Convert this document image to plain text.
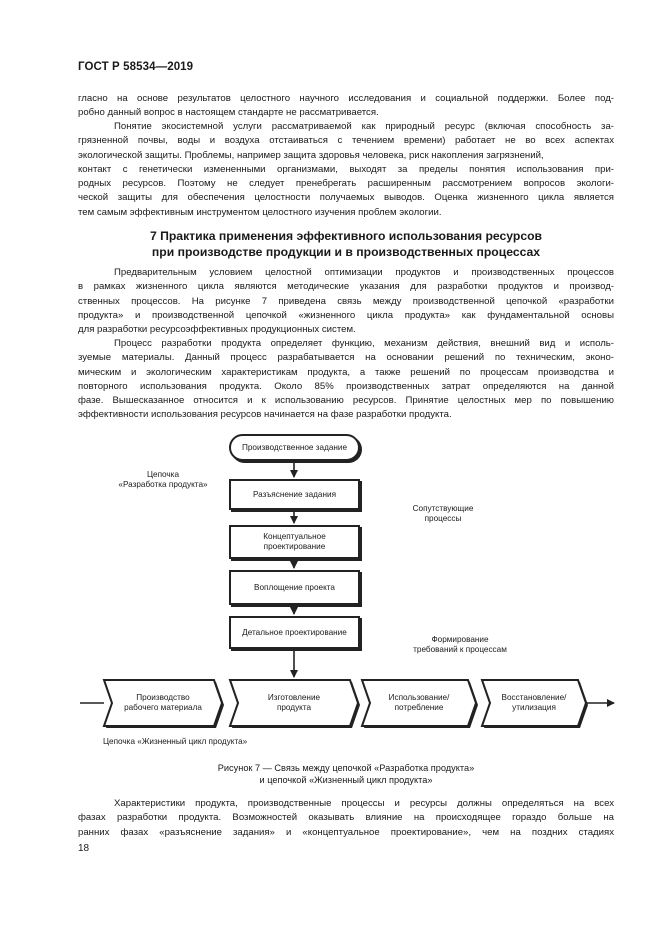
ГОСТ Р 58534—2019
гласно на основе результатов целостного научного исследования и социальной поддержки. Более под-
робно данный вопрос в настоящем стандарте не рассматривается.
Понятие экосистемной услуги рассматриваемой как природный ресурс (включая способность за-
грязненной почвы, воды и воздуха отстаиваться с течением времени) работает не во всех аспектах
экологической защиты. Проблемы, например защита здоровья человека, риск накопления загрязнений,
контакт с генетически измененными организмами, выходят за пределы понятия использования при-
родных ресурсов. Поэтому не следует пренебрегать расширенным рассмотрением вопросов экологи-
ческой защиты для обеспечения целостности получаемых выводов. Оценка жизненного цикла является
тем самым эффективным инструментом целостного изучения проблем экологии.
7 Практика применения эффективного использования ресурсов
при производстве продукции и в производственных процессах
Предварительным условием целостной оптимизации продуктов и производственных процессов
в рамках жизненного цикла являются методические указания для разработки продуктов и производ-
ственных процессов. На рисунке 7 приведена связь между производственной цепочкой «разработки
продукта» и производственной цепочкой «жизненного цикла продукта» как фундаментальной основы
для разработки ресурсоэффективных продукционных систем.
Процесс разработки продукта определяет функцию, механизм действия, внешний вид и исполь-
зуемые материалы. Данный процесс разрабатывается на основании решений по техническим, эконо-
мическим и экологическим характеристикам продукта, а также решений по процессам производства и
повторного использования продукта. Около 85% производственных затрат определяются на данной
фазе. Вышесказанное относится и к использованию ресурсов. Принятие целостных мер по повышению
эффективности использования ресурсов начинается на фазе разработки продукта.
Производственное задание
Цепочка
«Разработка продукта»
Разъяснение задания
Концептуальное
проектирование
Воплощение проекта
Детальное проектирование
Сопутствующие
процессы
Формирование
требований к процессам
Производство
рабочего материала
Изготовление
продукта
Использование/
потребление
Восстановление/
утилизация
Цепочка «Жизненный цикл продукта»
Рисунок 7 — Связь между цепочкой «Разработка продукта»
и цепочкой «Жизненный цикл продукта»
Характеристики продукта, производственные процессы и ресурсы должны определяться на всех
фазах разработки продукта. Возможностей оказывать влияние на происходящее гораздо больше на
ранних фазах «разъяснение задания» и «концептуальное проектирование», чем на поздних стадиях
18
